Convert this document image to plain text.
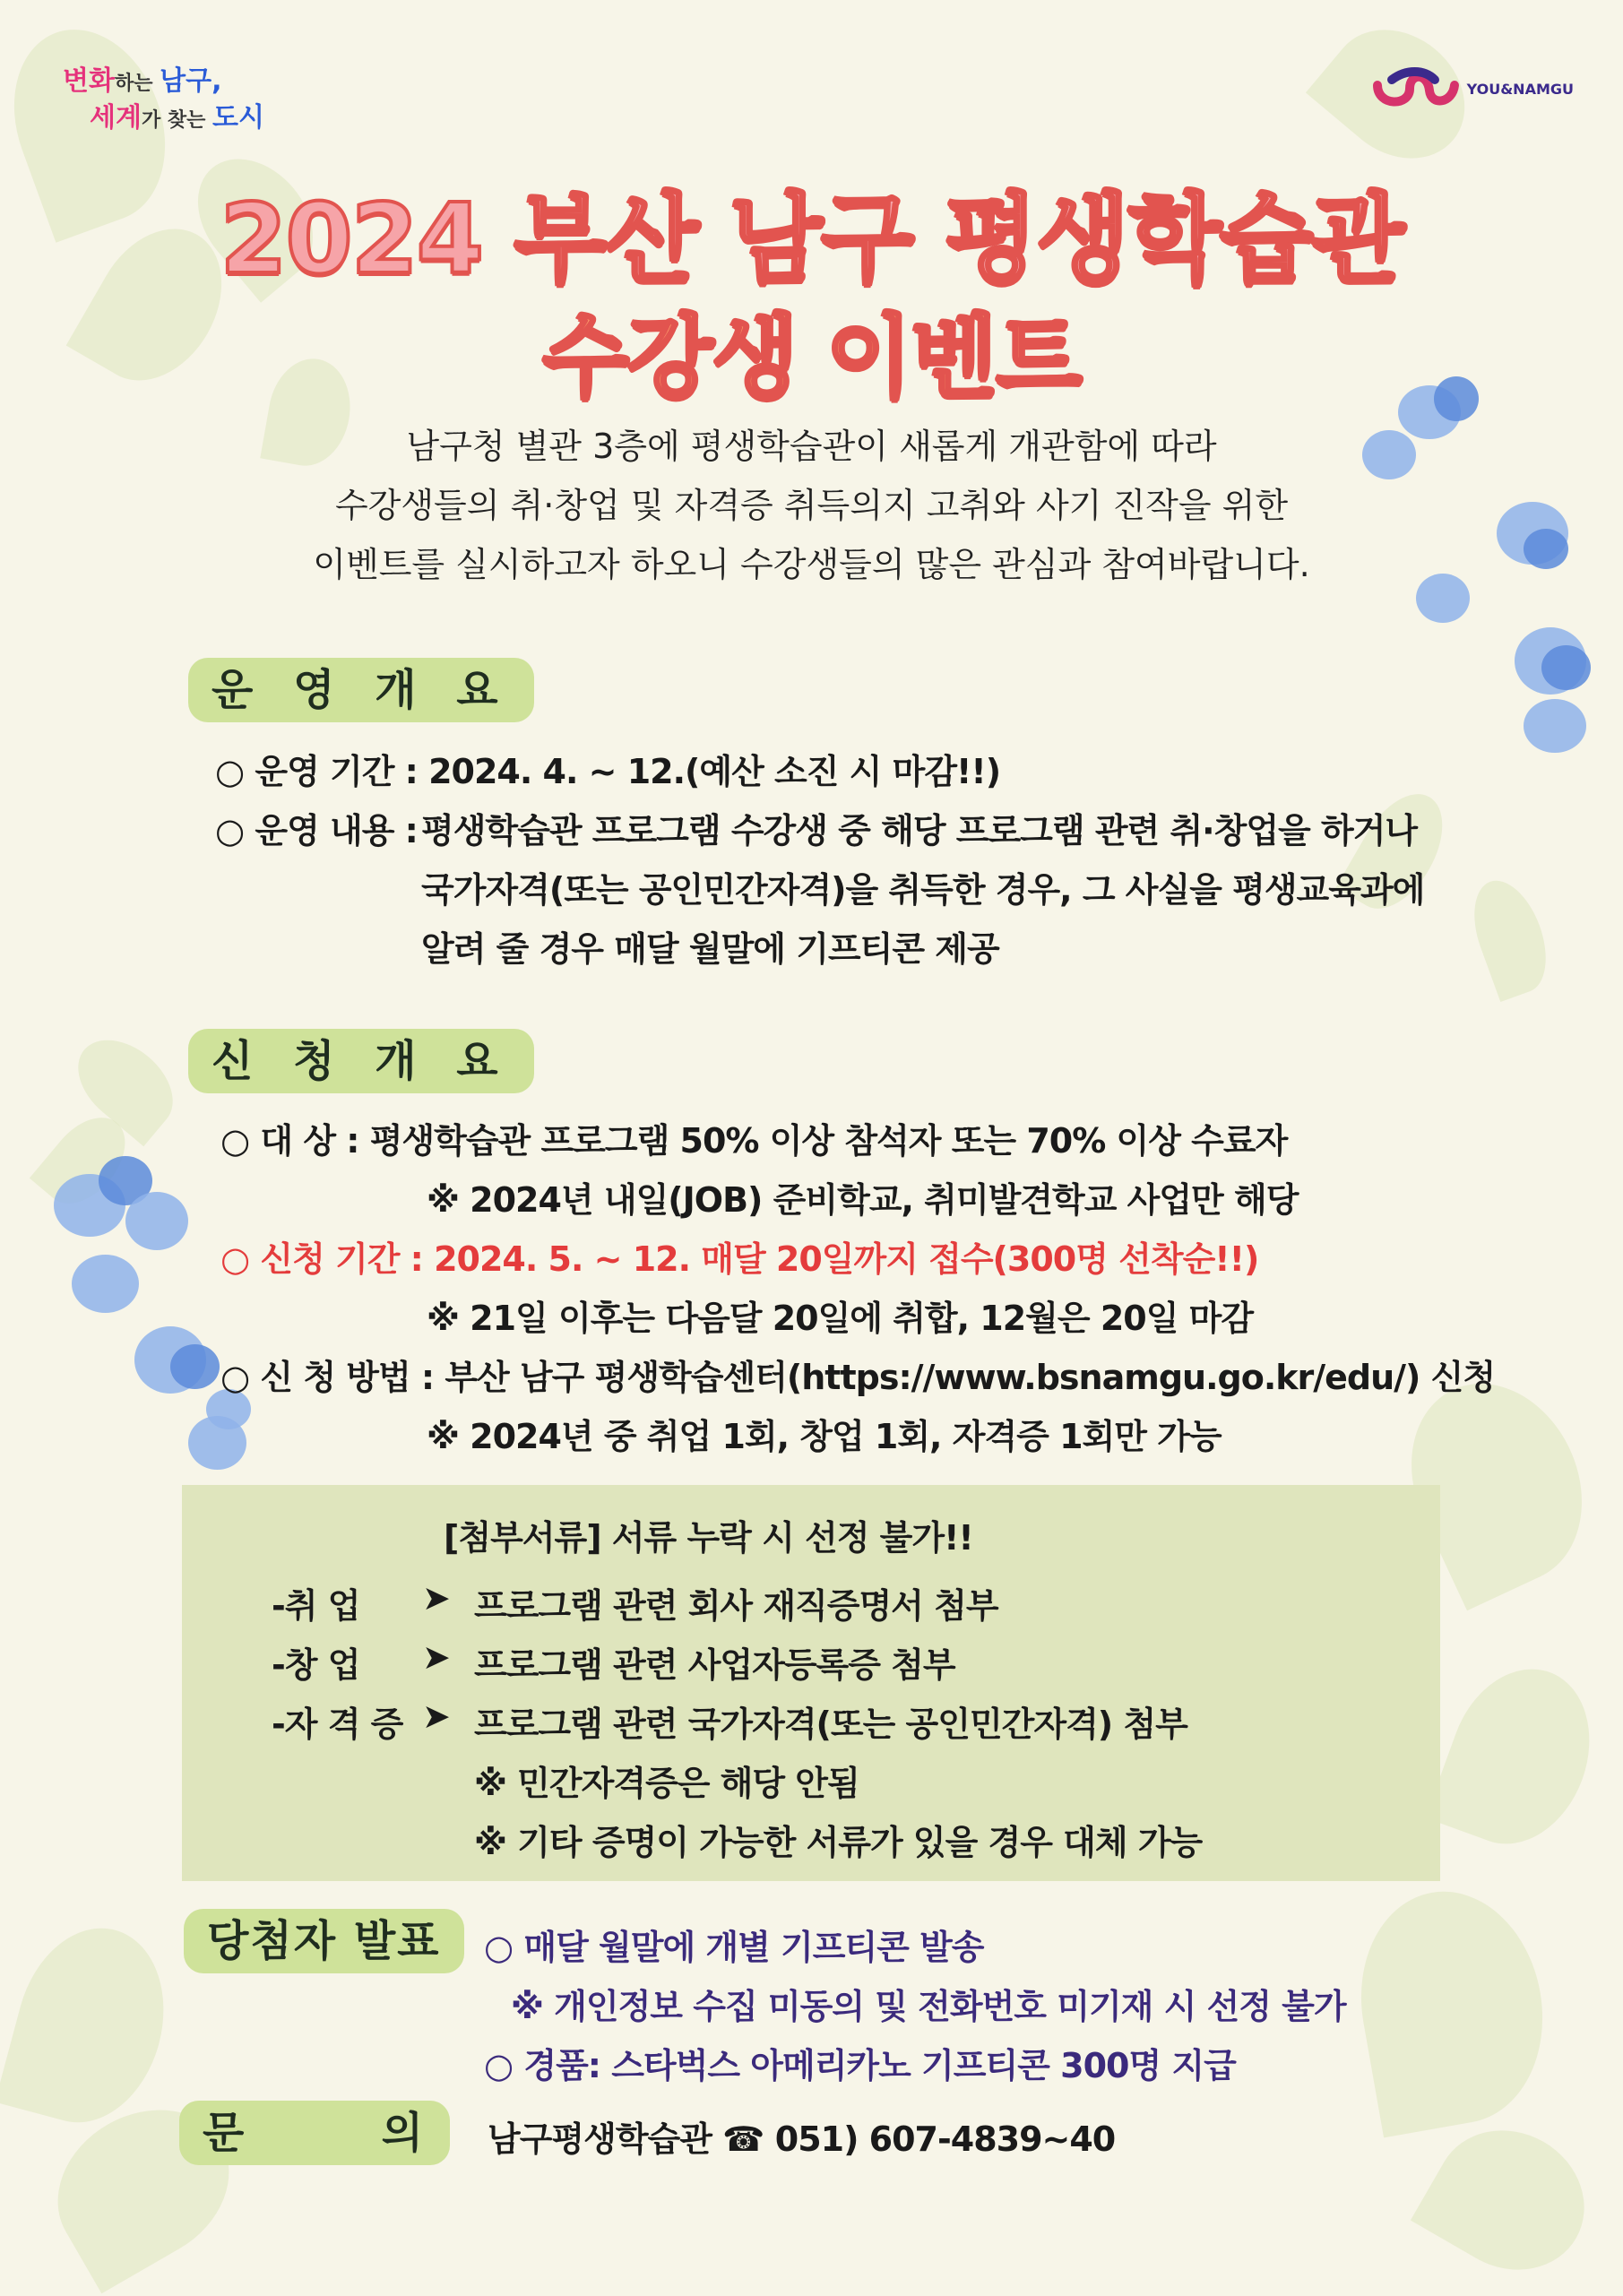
변화하는 남구,
세계가 찾는 도시
YOU&NAMGU
2024 부산 남구 평생학습관
수강생 이벤트
남구청 별관 3층에 평생학습관이 새롭게 개관함에 따라
수강생들의 취·창업 및 자격증 취득의지 고취와 사기 진작을 위한
이벤트를 실시하고자 하오니 수강생들의 많은 관심과 참여바랍니다.
운 영 개 요
○ 운영 기간 : 2024. 4. ~ 12.(예산 소진 시 마감!!)
○ 운영 내용 : 평생학습관 프로그램 수강생 중 해당 프로그램 관련 취·창업을 하거나
국가자격(또는 공인민간자격)을 취득한 경우, 그 사실을 평생교육과에
알려 줄 경우 매달 월말에 기프티콘 제공
신 청 개 요
○ 대 상 : 평생학습관 프로그램 50% 이상 참석자 또는 70% 이상 수료자
※ 2024년 내일(JOB) 준비학교, 취미발견학교 사업만 해당
○ 신청 기간 : 2024. 5. ~ 12. 매달 20일까지 접수(300명 선착순!!)
※ 21일 이후는 다음달 20일에 취합, 12월은 20일 마감
○ 신 청 방법 : 부산 남구 평생학습센터(https://www.bsnamgu.go.kr/edu/) 신청
※ 2024년 중 취업 1회, 창업 1회, 자격증 1회만 가능
[첨부서류] 서류 누락 시 선정 불가!!
-취 업 ➤ 프로그램 관련 회사 재직증명서 첨부
-창 업 ➤ 프로그램 관련 사업자등록증 첨부
-자 격 증 ➤ 프로그램 관련 국가자격(또는 공인민간자격) 첨부
※ 민간자격증은 해당 안됨
※ 기타 증명이 가능한 서류가 있을 경우 대체 가능
당첨자 발표	○ 매달 월말에 개별 기프티콘 발송
※ 개인정보 수집 미동의 및 전화번호 미기재 시 선정 불가
○ 경품: 스타벅스 아메리카노 기프티콘 300명 지급
문	의 남구평생학습관 ☎ 051) 607-4839~40
